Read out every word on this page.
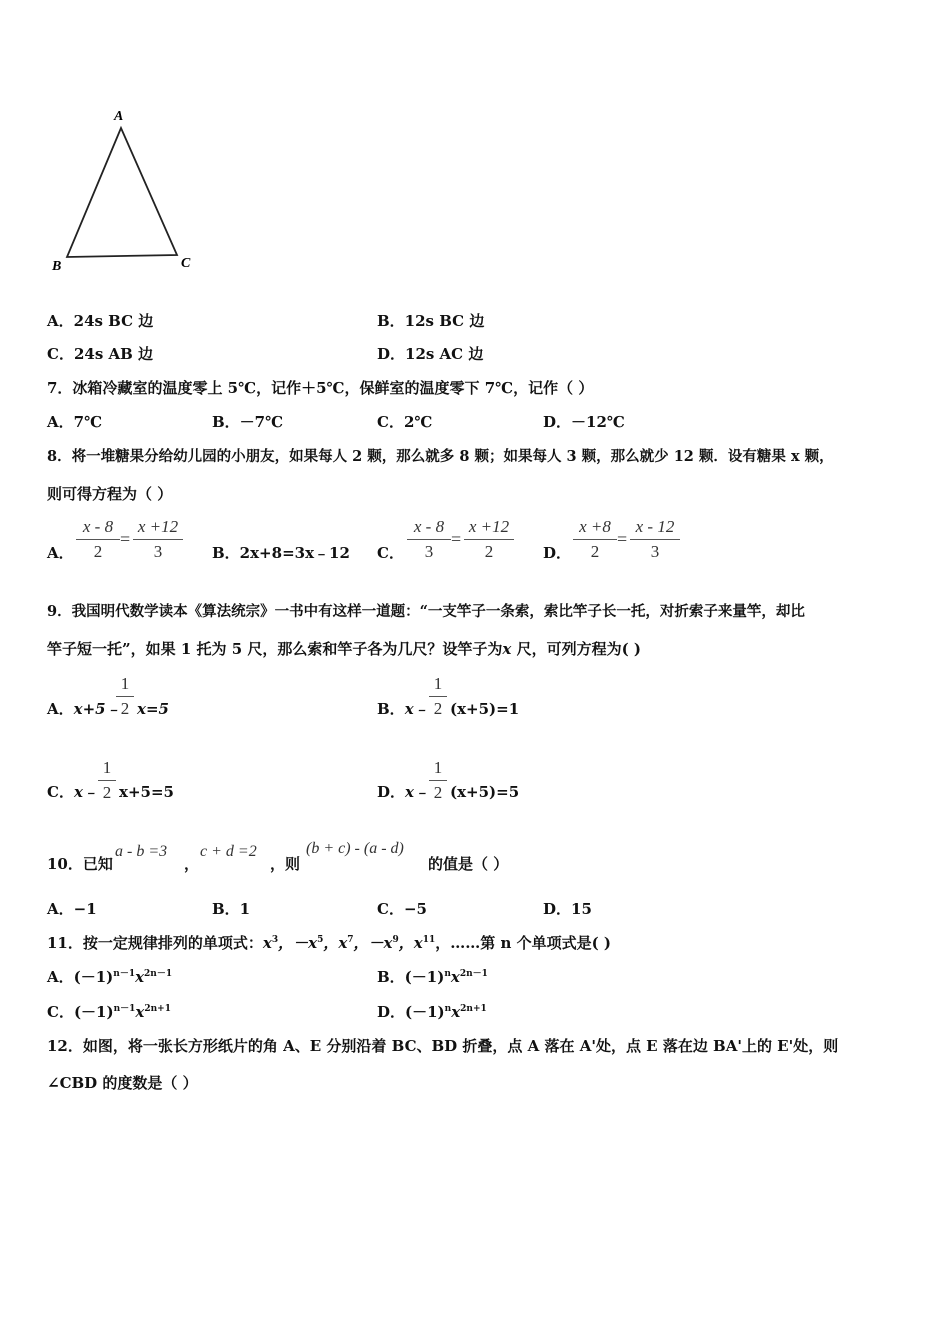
A
B	C
A．24s BC 边	B．12s BC 边
C．24s AB 边	D．12s AC 边
7．冰箱冷藏室的温度零上 5℃，记作＋5℃，保鲜室的温度零下 7℃，记作（ ）
A．7℃	B．－7℃	C．2℃	D．－12℃
8．将一堆糖果分给幼儿园的小朋友，如果每人 2 颗，那么就多 8 颗；如果每人 3 颗，那么就少 12 颗．设有糖果 x 颗，
则可得方程为（ ）
A． $\frac{x - 8}{2} = \frac{x +12}{3}$ B．2x+8=3x﹣12 C． $\frac{x - 8}{3} = \frac{x +12}{2}$ D． $\frac{x +8}{2} = \frac{x - 12}{3}$
9．我国明代数学读本《算法统宗》一书中有这样一道题：“一支竿子一条索，索比竿子长一托，对折索子来量竿，却比
竿子短一托”，如果 1 托为 5 尺，那么索和竿子各为几尺？设竿子为x 尺，可列方程为( )
A．x+5﹣
$\frac{1}{2} x=5$	B．x﹣ $\frac{1}{2} (x+5)=1$
C．x﹣ $\frac{1}{2} x+5=5$	D．x﹣ $\frac{1}{2} (x+5)=5$
10．已知
a - b =3
，
c + d =2
，则
(b + c) - (a - d)
的值是（ ）
A．−1	B．1	C．−5	D．15
11．按一定规律排列的单项式：$x^3$，$-x^5$，$x^7$，$-x^9$，$x^{11}$，……第 n 个单项式是( )
A．$(-1)^{n-1}x^{2n-1}$	B．$(-1)^nx^{2n-1}$
C．$(-1)^{n-1}x^{2n+1}$	D．$(-1)^nx^{2n+1}$
12．如图，将一张长方形纸片的角 A、E 分别沿着 BC、BD 折叠，点 A 落在 A'处，点 E 落在边 BA'上的 E'处，则
∠CBD 的度数是（ ）
